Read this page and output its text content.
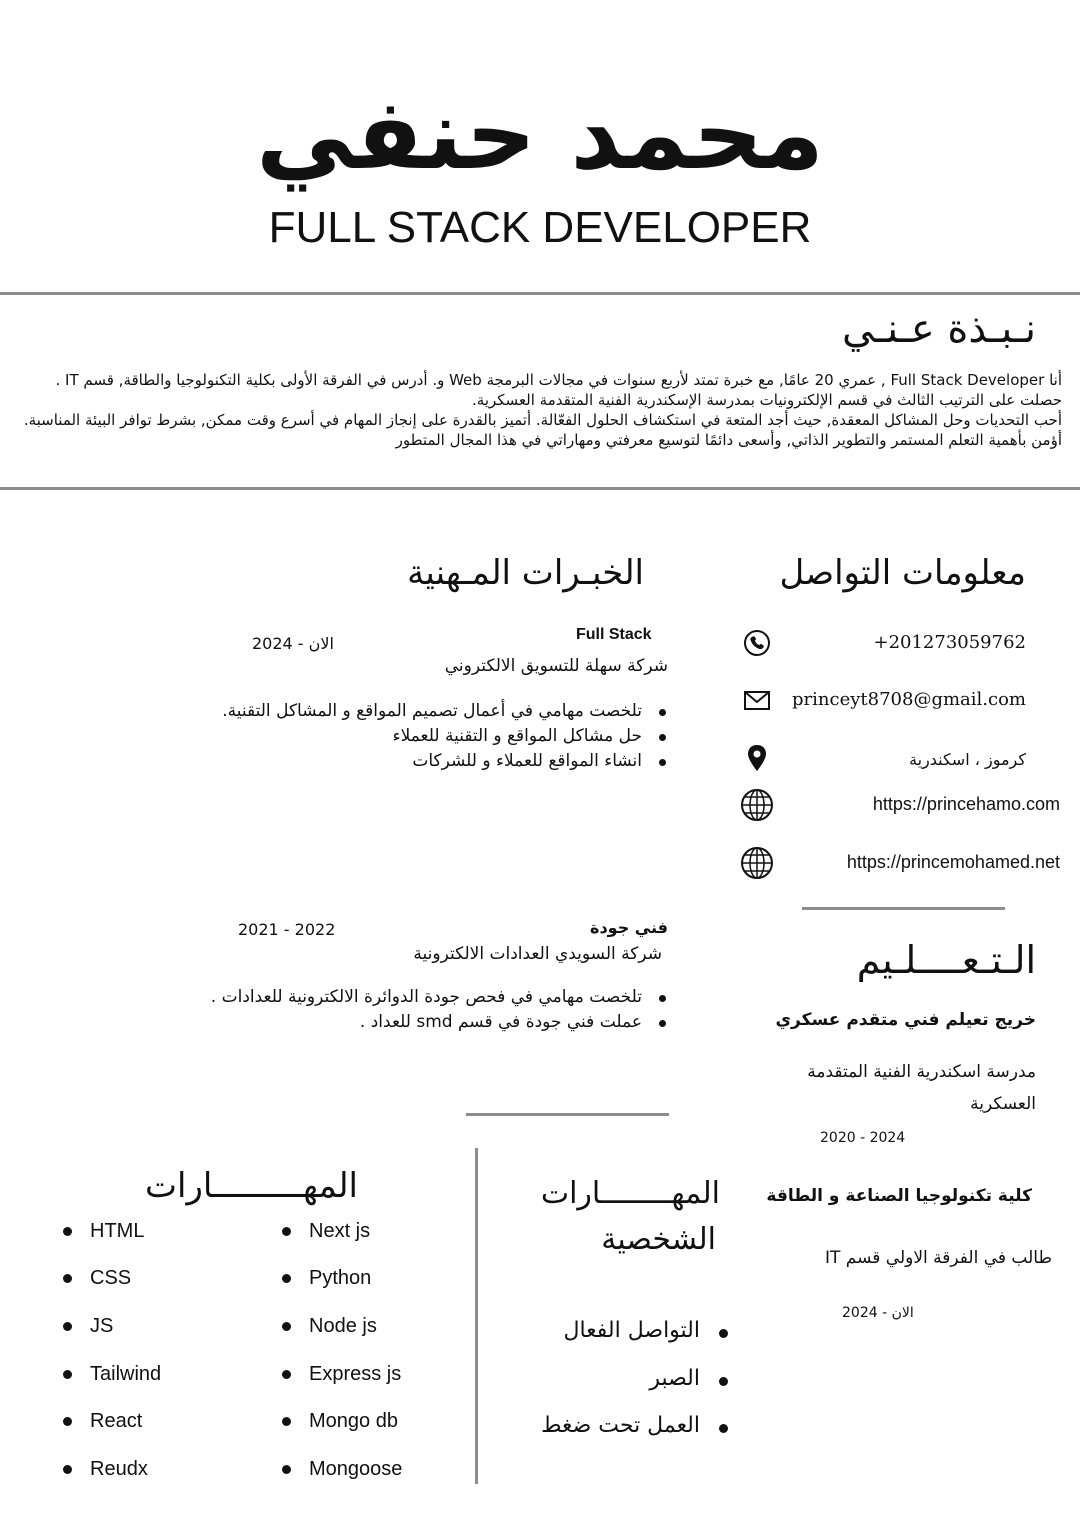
محمد حنفي
FULL STACK DEVELOPER
نـبـذة عـنـي

أنا Full Stack Developer , عمري 20 عامًا, مع خبرة تمتد لأربع سنوات في مجالات البرمجة Web و. أدرس في الفرقة الأولى بكلية التكنولوجيا والطاقة, قسم IT .

حصلت على الترتيب الثالث في قسم الإلكترونيات بمدرسة الإسكندرية الفنية المتقدمة العسكرية.

أحب التحديات وحل المشاكل المعقدة, حيث أجد المتعة في استكشاف الحلول الفعّالة. أتميز بالقدرة على إنجاز المهام في أسرع وقت ممكن, بشرط توافر البيئة المناسبة.

أؤمن بأهمية التعلم المستمر والتطوير الذاتي, وأسعى دائمًا لتوسيع معرفتي ومهاراتي في هذا المجال المتطور

معلومات التواصل
+201273059762
princeyt8708@gmail.com
كرموز ، اسكندرية
https://princehamo.com
https://princemohamed.net
الـتـعــــلـيم
خريج تعيلم فني متقدم عسكري
مدرسة اسكندرية الفنية المتقدمة
العسكرية
2020 - 2024
كلية تكنولوجيا الصناعة و الطاقة
طالب في الفرقة الاولي قسم IT
الان - 2024
الخبـرات المـهنية
Full Stack
الان - 2024
شركة سهلة للتسويق الالكتروني
تلخصت مهامي في أعمال تصميم المواقع و المشاكل التقنية.
حل مشاكل المواقع و التقنية للعملاء
انشاء المواقع للعملاء و للشركات
فني جودة
2021 - 2022
شركة السويدي العدادات الالكترونية
تلخصت مهامي في فحص جودة الدوائرة الالكترونية للعدادات .
عملت فني جودة في قسم smd للعداد .
المهــــــــارات
الشخصية
التواصل الفعال
الصبر
العمل تحت ضغط
المهـــــــــارات
HTML
CSS
JS
Tailwind
React
Reudx
Next js
Python
Node js
Express js
Mongo db
Mongoose
